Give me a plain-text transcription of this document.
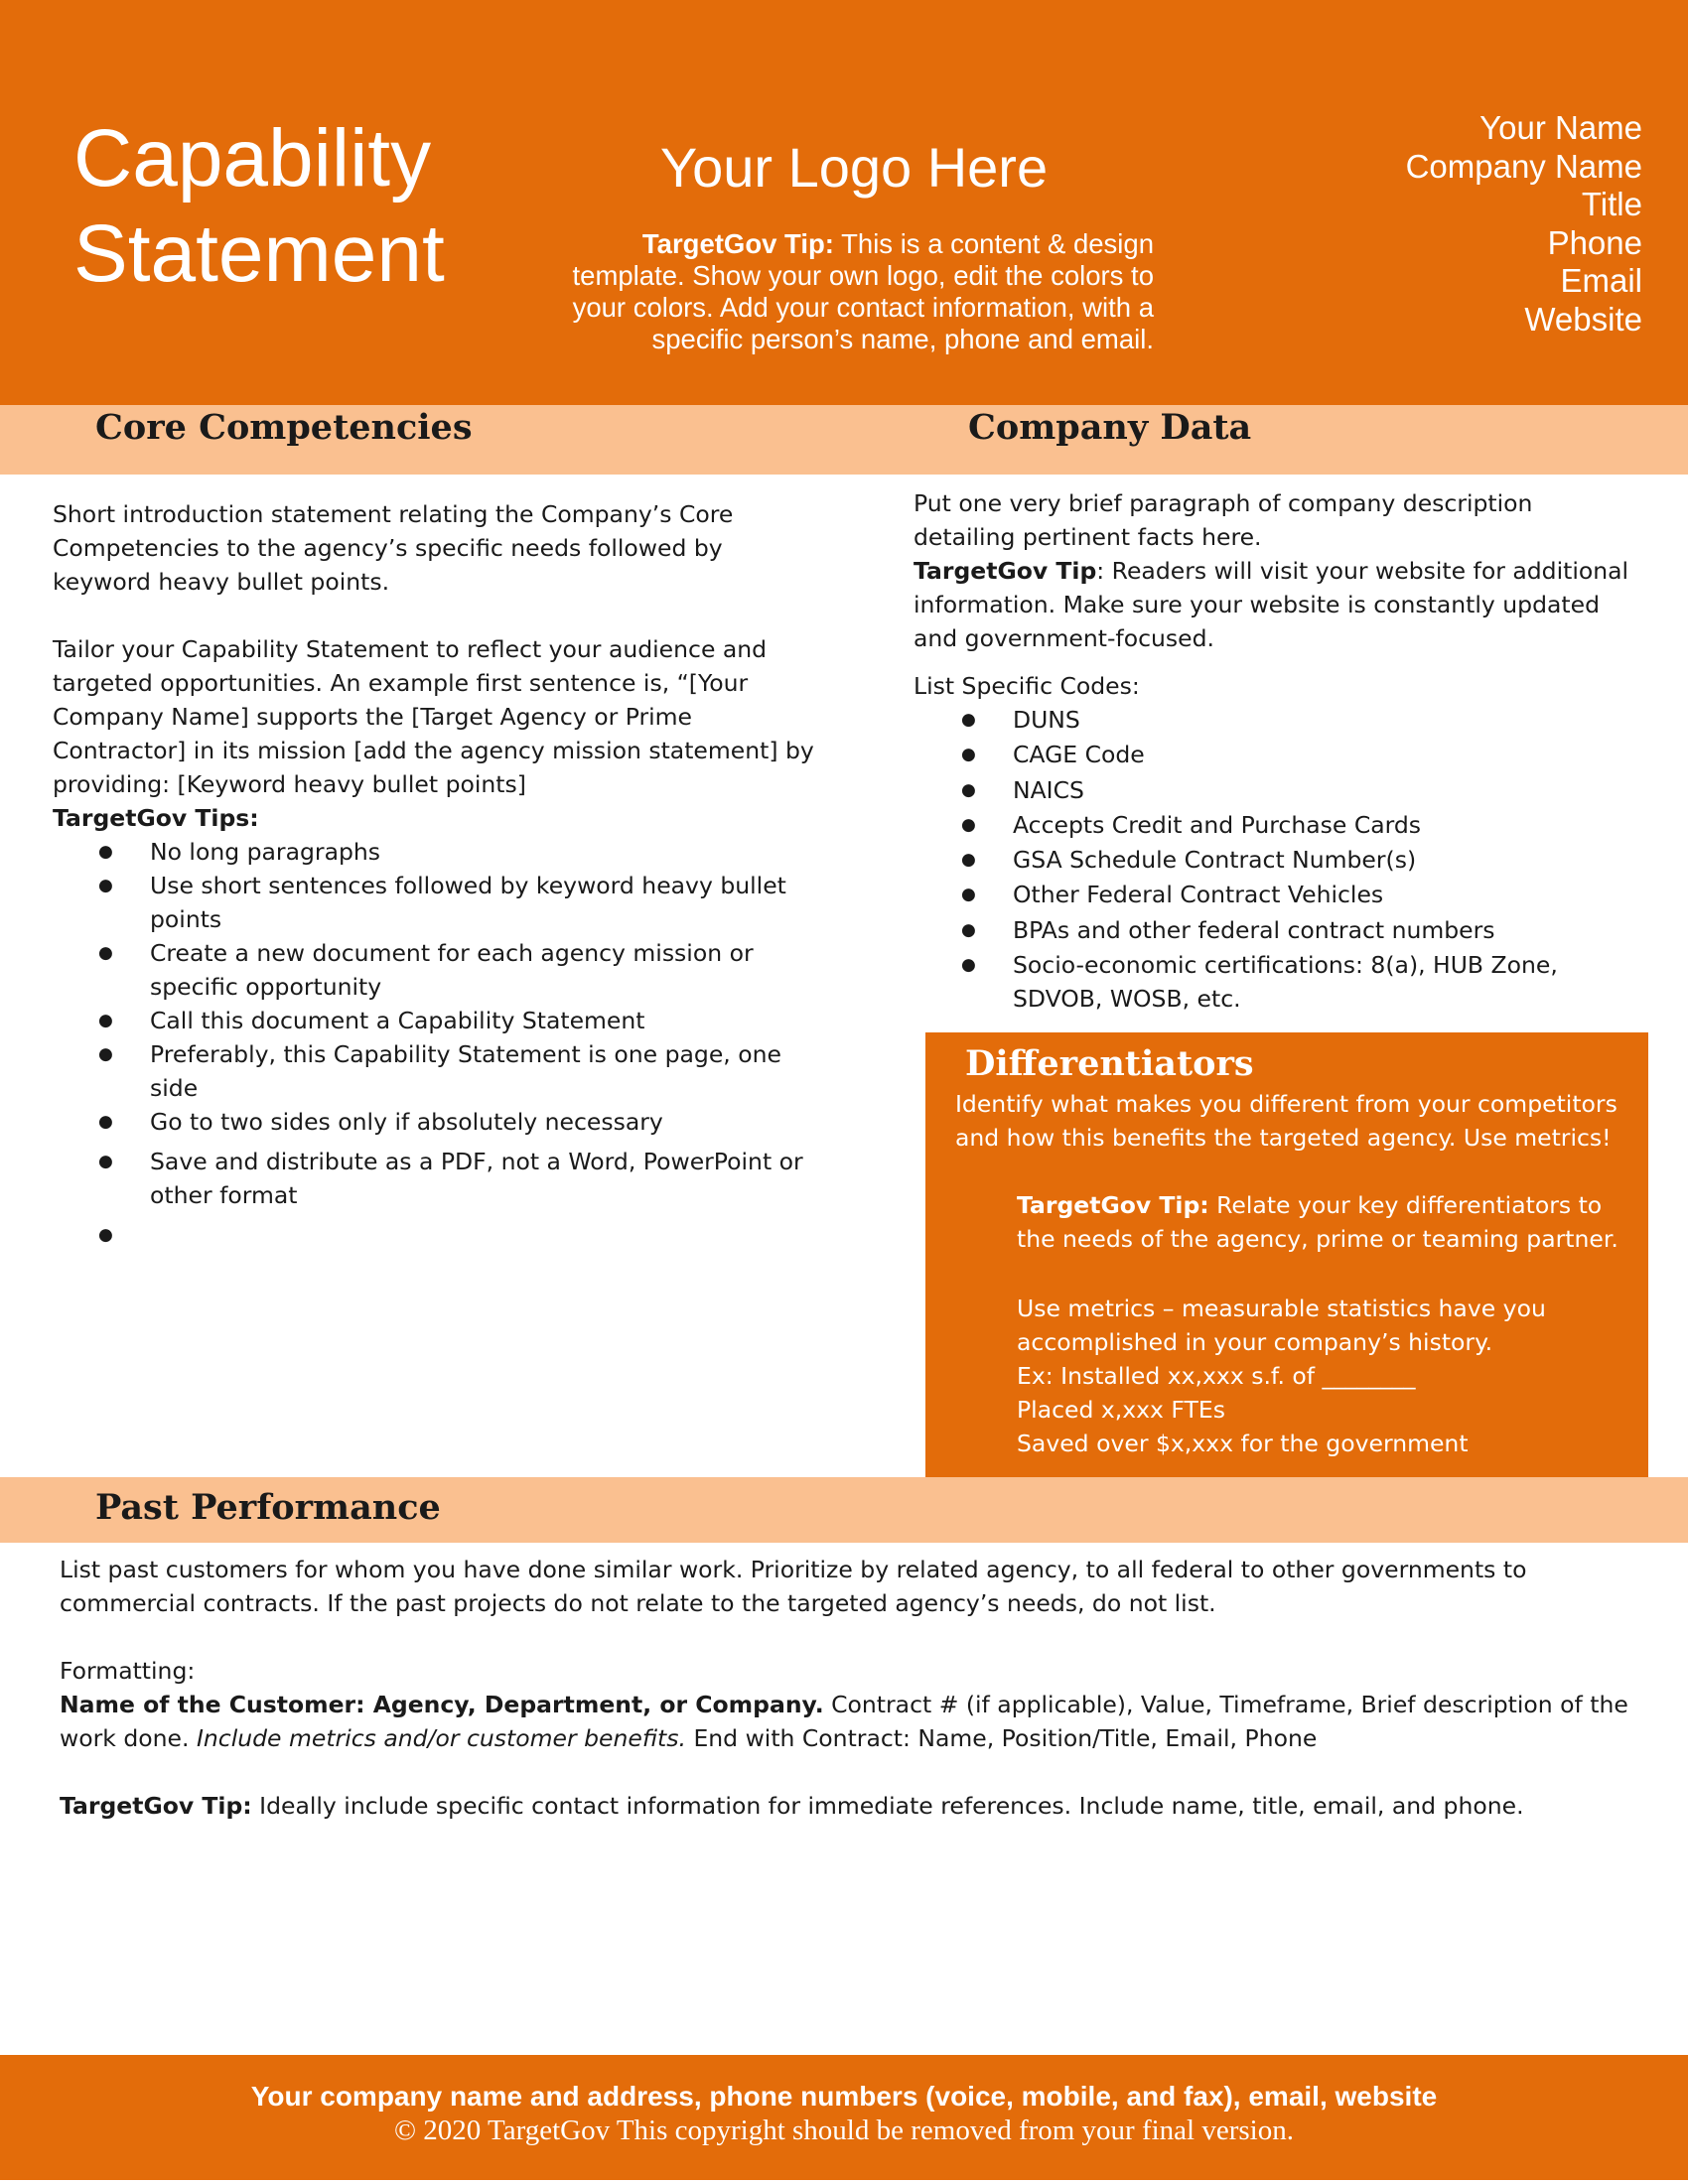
Capability
Statement
Your Logo Here
TargetGov Tip: This is a content & design template. Show your own logo, edit the colors to your colors. Add your contact information, with a specific person’s name, phone and email.
Your Name
Company Name
Title
Phone
Email
Website
Core Competencies	Company Data

Short introduction statement relating the Company’s Core Competencies to the agency’s specific needs followed by keyword heavy bullet points.

Tailor your Capability Statement to reflect your audience and targeted opportunities. An example first sentence is, “[Your Company Name] supports the [Target Agency or Prime Contractor] in its mission [add the agency mission statement] by providing: [Keyword heavy bullet points]

TargetGov Tips:

● No long paragraphs
● Use short sentences followed by keyword heavy bullet points
● Create a new document for each agency mission or specific opportunity
● Call this document a Capability Statement
● Preferably, this Capability Statement is one page, one side
● Go to two sides only if absolutely necessary
● Save and distribute as a PDF, not a Word, PowerPoint or other format
●

Put one very brief paragraph of company description detailing pertinent facts here.

TargetGov Tip: Readers will visit your website for additional information. Make sure your website is constantly updated and government-focused.

List Specific Codes:

● DUNS
● CAGE Code
● NAICS
● Accepts Credit and Purchase Cards
● GSA Schedule Contract Number(s)
● Other Federal Contract Vehicles
● BPAs and other federal contract numbers
● Socio-economic certifications: 8(a), HUB Zone, SDVOB, WOSB, etc.
Differentiators
Identify what makes you different from your competitors and how this benefits the targeted agency. Use metrics!
TargetGov Tip: Relate your key differentiators to the needs of the agency, prime or teaming partner.
Use metrics – measurable statistics have you accomplished in your company’s history.
Ex: Installed xx,xxx s.f. of ________
Placed x,xxx FTEs
Saved over $x,xxx for the government
Past Performance

List past customers for whom you have done similar work. Prioritize by related agency, to all federal to other governments to commercial contracts. If the past projects do not relate to the targeted agency’s needs, do not list.

Formatting:

Name of the Customer: Agency, Department, or Company. Contract # (if applicable), Value, Timeframe, Brief description of the work done. Include metrics and/or customer benefits. End with Contract: Name, Position/Title, Email, Phone

TargetGov Tip: Ideally include specific contact information for immediate references. Include name, title, email, and phone.

Your company name and address, phone numbers (voice, mobile, and fax), email, website
© 2020 TargetGov This copyright should be removed from your final version.
